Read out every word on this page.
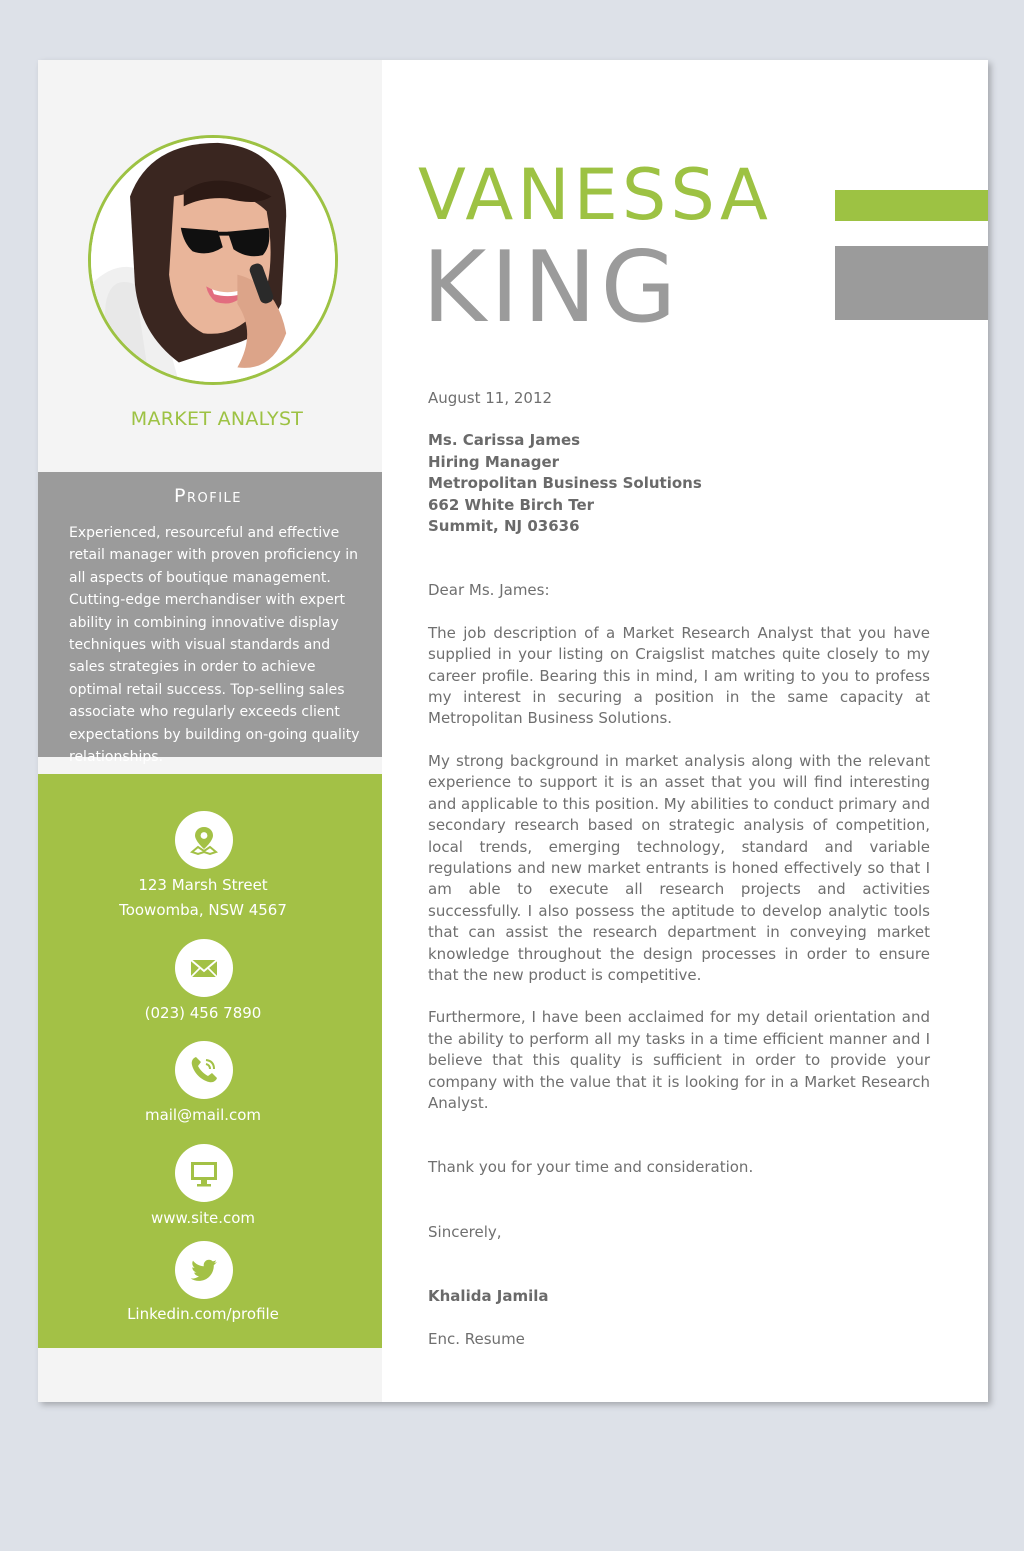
MARKET ANALYST
Profile
Experienced, resourceful and effective retail manager with proven proficiency in all aspects of boutique management. Cutting-edge merchandiser with expert ability in combining innovative display techniques with visual standards and sales strategies in order to achieve optimal retail success. Top-selling sales associate who regularly exceeds client expectations by building on-going quality relationships.
123 Marsh Street
Toowomba, NSW 4567
(023) 456 7890
mail@mail.com
www.site.com
Linkedin.com/profile
VANESSA
KING

August 11, 2012

Ms. Carissa James

Hiring Manager

Metropolitan Business Solutions

662 White Birch Ter

Summit, NJ 03636

Dear Ms. James:

The job description of a Market Research Analyst that you have supplied in your listing on Craigslist matches quite closely to my career profile. Bearing this in mind, I am writing to you to profess my interest in securing a position in the same capacity at Metropolitan Business Solutions.

My strong background in market analysis along with the relevant experience to support it is an asset that you will find interesting and applicable to this position. My abilities to conduct primary and secondary research based on strategic analysis of competition, local trends, emerging technology, standard and variable regulations and new market entrants is honed effectively so that I am able to execute all research projects and activities successfully. I also possess the aptitude to develop analytic tools that can assist the research department in conveying market knowledge throughout the design processes in order to ensure that the new product is competitive.

Furthermore, I have been acclaimed for my detail orientation and the ability to perform all my tasks in a time efficient manner and I believe that this quality is sufficient in order to provide your company with the value that it is looking for in a Market Research Analyst.

Thank you for your time and consideration.

Sincerely,

Khalida Jamila

Enc. Resume
